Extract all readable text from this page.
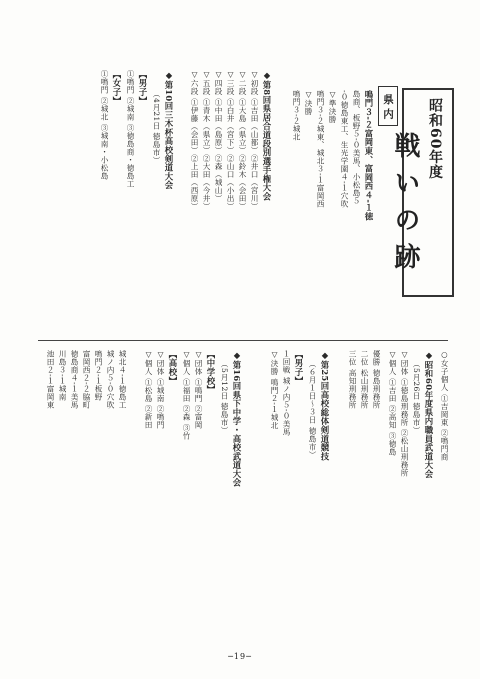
昭和60年度
戦いの跡
県 内
鳴門３-２富岡東、富岡西４-１徳
島商、板野５-０美馬、小松島５
-０徳島東工、生光学園４-１穴吹
▽準決勝
鳴門３-２城東、城北３-１富岡西
▽決勝
鳴門３-２城北
◆第8回県居合道段別選手権大会
▽初段 ①吉田（山都）②井口（宮川）
▽二段 ①大島（県立）②鈴木（会田）
▽三段 ①白井（宮下）②山口（小出）
▽四段 ①中田（島原）②森（城山）
▽五段 ①青木（県立）②大田（今井）
▽六段 ①伊藤（会田）②上田（西原）
◆第10回三木杯高校剣道大会
（4月21日 徳島市）
【男子】
①鳴門 ②城南 ③徳島商・徳島工
【女子】
①鳴門 ②城北 ③城南・小松島
○女子個人 ①吉岡東 ②鳴門商
◆昭和60年度県内職員武道大会
（5月26日 徳島市）
▽団体 ①徳島刑務所 ②松山刑務所
▽個人 ①吉田 ②高知 ③徳島
優勝 徳島刑務所
二位 松山刑務所
三位 高知刑務所
◆第25回高校総体剣道競技
（６月１日～３日 徳島市）
【男子】
１回戦 城ノ内５-０美馬
▽決勝 鳴門２-１城北
◆第16回県下中学・高校武道大会
（5月12日 徳島市）
【中学校】
▽団体 ①鳴門 ②富岡
▽個人 ①福田 ②森 ③竹
【高校】
▽団体 ①城南 ②鳴門
▽個人 ①松島 ②新田
城北４-１徳島工
城ノ内５-０穴吹
鳴門２-１板野
富岡西２-２脇町
徳島商４-１美馬
川島３-１城南
池田２-１富岡東
─19─
